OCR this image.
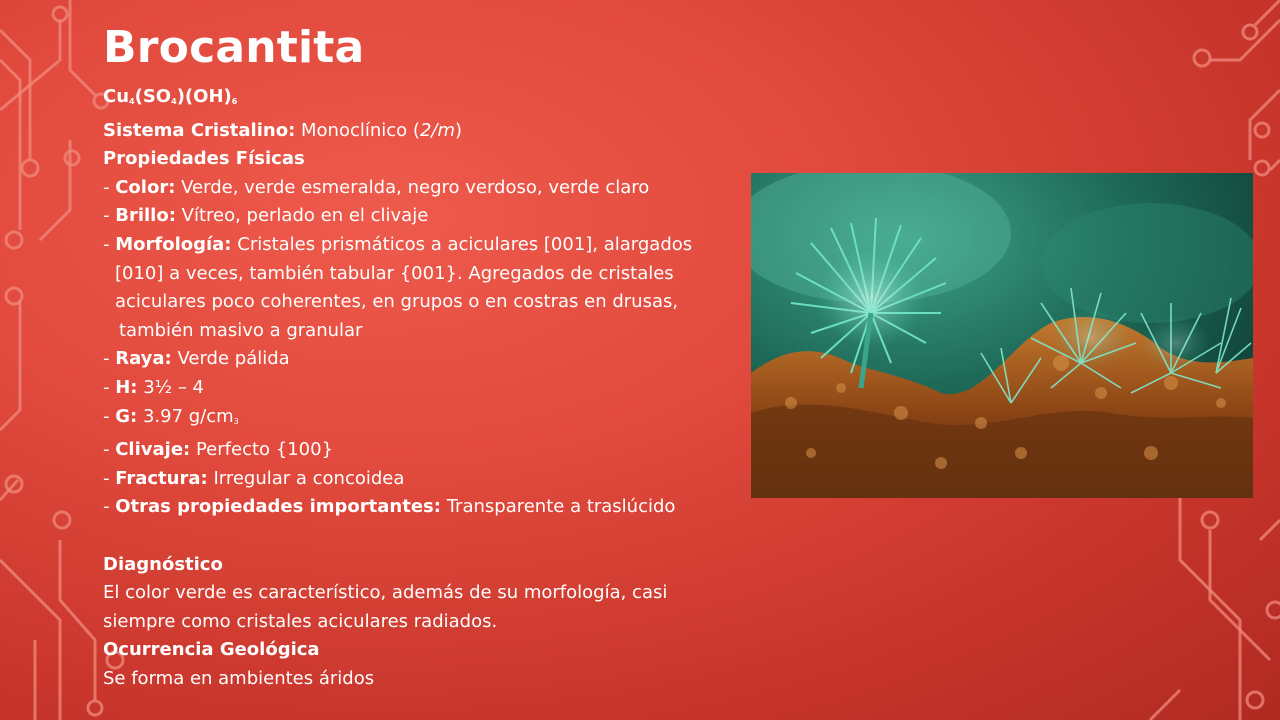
Brocantita
$Cu_4(SO_4)(OH)_6$
Sistema Cristalino: Monoclínico (2/m)
Propiedades Físicas
- Color: Verde, verde esmeralda, negro verdoso, verde claro
- Brillo: Vítreo, perlado en el clivaje
- Morfología: Cristales prismáticos a aciculares [001], alargados
[010] a veces, también tabular {001}. Agregados de cristales
aciculares poco coherentes, en grupos o en costras en drusas,
también masivo a granular
- Raya: Verde pálida
- H: 3½ – 4
- G: 3.97 $g/cm_3$
- Clivaje: Perfecto {100}
- Fractura: Irregular a concoidea
- Otras propiedades importantes: Transparente a traslúcido
Diagnóstico
El color verde es característico, además de su morfología, casi
siempre como cristales aciculares radiados.
Ocurrencia Geológica
Se forma en ambientes áridos
